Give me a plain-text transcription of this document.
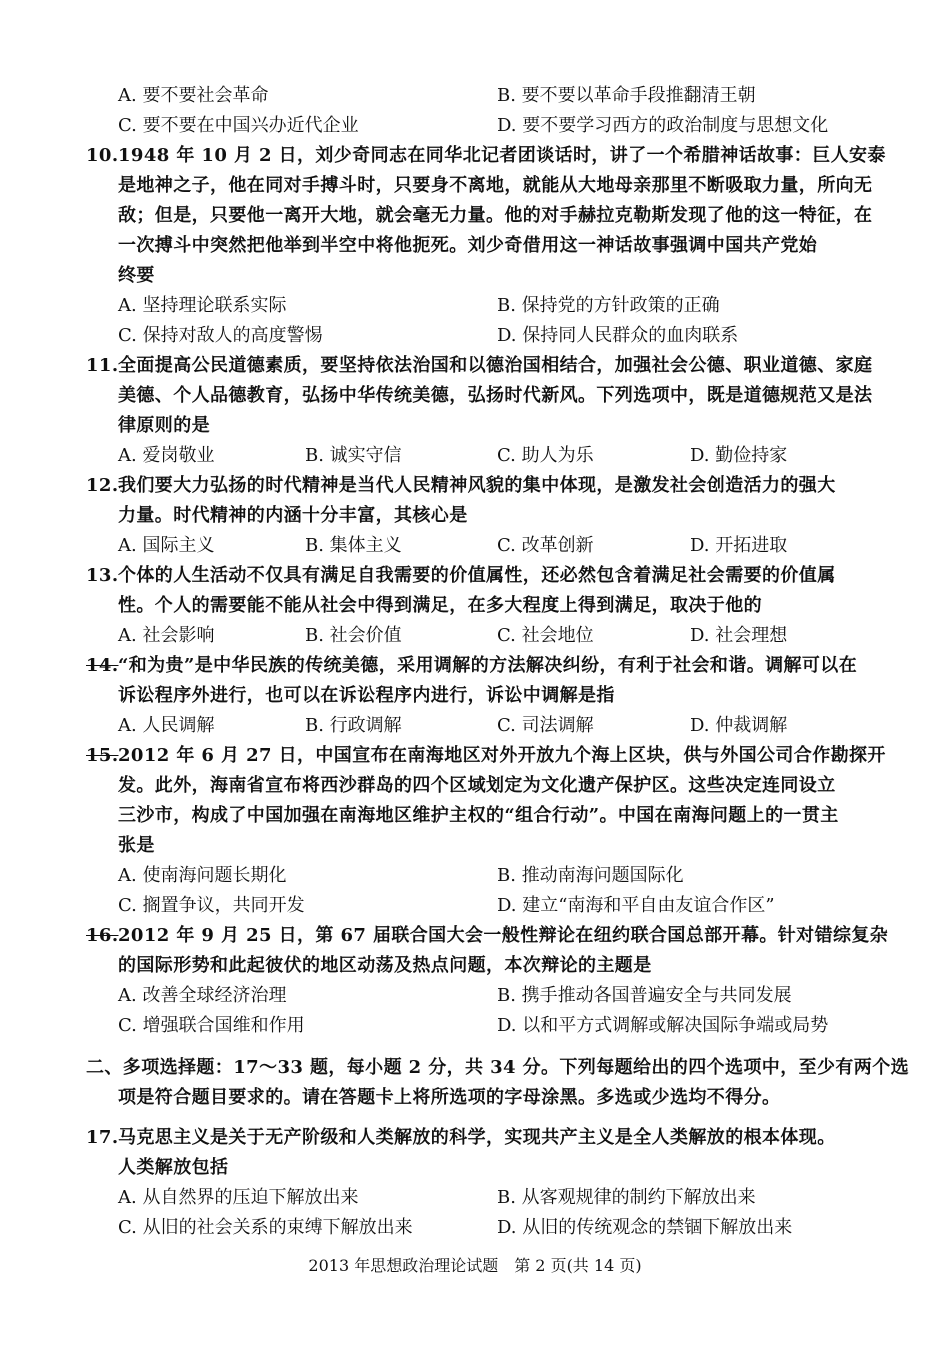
A. 要不要社会革命	B. 要不要以革命手段推翻清王朝
C. 要不要在中国兴办近代企业	D. 要不要学习西方的政治制度与思想文化
10. 1948 年 10 月 2 日，刘少奇同志在同华北记者团谈话时，讲了一个希腊神话故事：巨人安泰
是地神之子，他在同对手搏斗时，只要身不离地，就能从大地母亲那里不断吸取力量，所向无
敌；但是，只要他一离开大地，就会毫无力量。他的对手赫拉克勒斯发现了他的这一特征，在
一次搏斗中突然把他举到半空中将他扼死。刘少奇借用这一神话故事强调中国共产党始
终要
A. 坚持理论联系实际	B. 保持党的方针政策的正确
C. 保持对敌人的高度警惕	D. 保持同人民群众的血肉联系
11. 全面提高公民道德素质，要坚持依法治国和以德治国相结合，加强社会公德、职业道德、家庭
美德、个人品德教育，弘扬中华传统美德，弘扬时代新风。下列选项中，既是道德规范又是法
律原则的是
A. 爱岗敬业	B. 诚实守信	C. 助人为乐	D. 勤俭持家
12. 我们要大力弘扬的时代精神是当代人民精神风貌的集中体现，是激发社会创造活力的强大
力量。时代精神的内涵十分丰富，其核心是
A. 国际主义	B. 集体主义	C. 改革创新	D. 开拓进取
13. 个体的人生活动不仅具有满足自我需要的价值属性，还必然包含着满足社会需要的价值属
性。个人的需要能不能从社会中得到满足，在多大程度上得到满足，取决于他的
A. 社会影响	B. 社会价值	C. 社会地位	D. 社会理想
14. “和为贵”是中华民族的传统美德，采用调解的方法解决纠纷，有利于社会和谐。调解可以在
诉讼程序外进行，也可以在诉讼程序内进行，诉讼中调解是指
A. 人民调解	B. 行政调解	C. 司法调解	D. 仲裁调解
15. 2012 年 6 月 27 日，中国宣布在南海地区对外开放九个海上区块，供与外国公司合作勘探开
发。此外，海南省宣布将西沙群岛的四个区域划定为文化遗产保护区。这些决定连同设立
三沙市，构成了中国加强在南海地区维护主权的“组合行动”。中国在南海问题上的一贯主
张是
A. 使南海问题长期化	B. 推动南海问题国际化
C. 搁置争议，共同开发	D. 建立“南海和平自由友谊合作区”
16. 2012 年 9 月 25 日，第 67 届联合国大会一般性辩论在纽约联合国总部开幕。针对错综复杂
的国际形势和此起彼伏的地区动荡及热点问题，本次辩论的主题是
A. 改善全球经济治理	B. 携手推动各国普遍安全与共同发展
C. 增强联合国维和作用	D. 以和平方式调解或解决国际争端或局势
二、多项选择题：17～33 题，每小题 2 分，共 34 分。下列每题给出的四个选项中，至少有两个选
项是符合题目要求的。请在答题卡上将所选项的字母涂黑。多选或少选均不得分。
17. 马克思主义是关于无产阶级和人类解放的科学，实现共产主义是全人类解放的根本体现。
人类解放包括
A. 从自然界的压迫下解放出来	B. 从客观规律的制约下解放出来
C. 从旧的社会关系的束缚下解放出来	D. 从旧的传统观念的禁锢下解放出来
2013 年思想政治理论试题　第 2 页(共 14 页)
